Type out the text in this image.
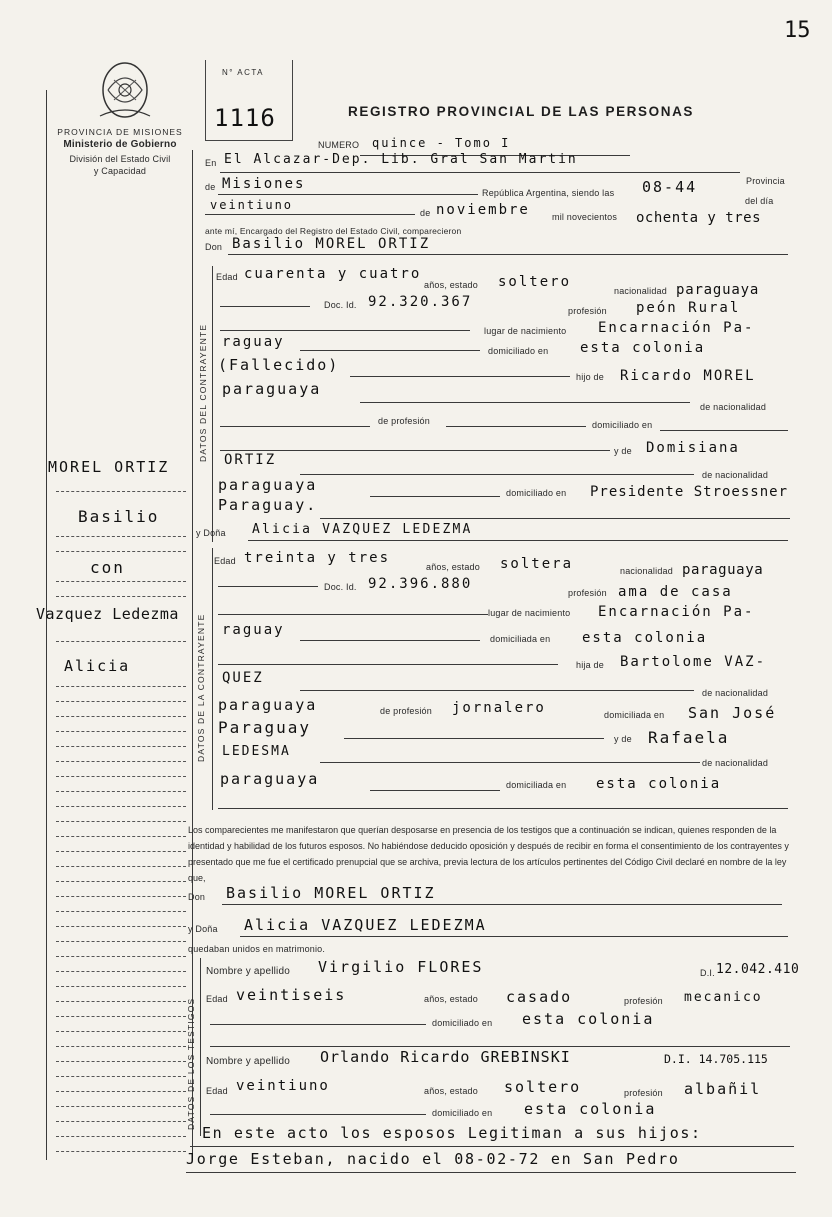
15
N° ACTA
1116
PROVINCIA DE MISIONES
Ministerio de Gobierno
División del Estado Civil
y Capacidad
REGISTRO PROVINCIAL DE LAS PERSONAS
MOREL ORTIZ
Basilio
con
Vazquez Ledezma
Alicia
NUMERO quince - Tomo I
En El Alcazar-Dep. Lib. Gral San Martin
Provincia
de Misiones
República Argentina, siendo las 08-44
del día
veintiuno
de noviembre mil novecientos ochenta y tres
ante mí, Encargado del Registro del Estado Civil, comparecieron
Don Basilio MOREL ORTIZ
DATOS DEL CONTRAYENTE
Edad cuarenta y cuatro
años, estado soltero
nacionalidad paraguaya
Doc. Id. 92.320.367
profesión peón Rural
lugar de nacimiento Encarnación Pa-
raguay
domiciliado en esta colonia
(Fallecido)
hijo de Ricardo MOREL
paraguaya
de nacionalidad
de profesión	domiciliado en
y de Domisiana
ORTIZ
de nacionalidad
paraguaya	domiciliado en Presidente Stroessner
Paraguay.
y Doña Alicia VAZQUEZ LEDEZMA
DATOS DE LA CONTRAYENTE
Edad treinta y tres
años, estado soltera	nacionalidad paraguaya
Doc. Id. 92.396.880
profesión ama de casa
lugar de nacimiento Encarnación Pa-
raguay
domiciliada en esta colonia
hija de Bartolome VAZ-
QUEZ
de nacionalidad
paraguaya	de profesión jornalero	domiciliada en San José
Paraguay
y de Rafaela
LEDESMA
de nacionalidad
paraguaya	domiciliada en esta colonia
Los comparecientes me manifestaron que querían desposarse en presencia de los testigos que a continuación se indican, quienes responden de la identidad y habilidad de los futuros esposos. No habiéndose deducido oposición y después de recibir en forma el consentimiento de los contrayentes y presentado que me fue el certificado prenupcial que se archiva, previa lectura de los artículos pertinentes del Código Civil declaré en nombre de la ley que,
Don Basilio MOREL ORTIZ
y Doña Alicia VAZQUEZ LEDEZMA
quedaban unidos en matrimonio.
DATOS DE LOS TESTIGOS
Nombre y apellido Virgilio FLORES	D.I. 12.042.410
Edad veintiseis	años, estado casado	profesión mecanico
domiciliado en esta colonia
Nombre y apellido Orlando Ricardo GREBINSKI	D.I. 14.705.115
Edad veintiuno	años, estado soltero	profesión albañil
domiciliado en esta colonia
En este acto los esposos Legitiman a sus hijos:
Jorge Esteban, nacido el 08-02-72 en San Pedro
